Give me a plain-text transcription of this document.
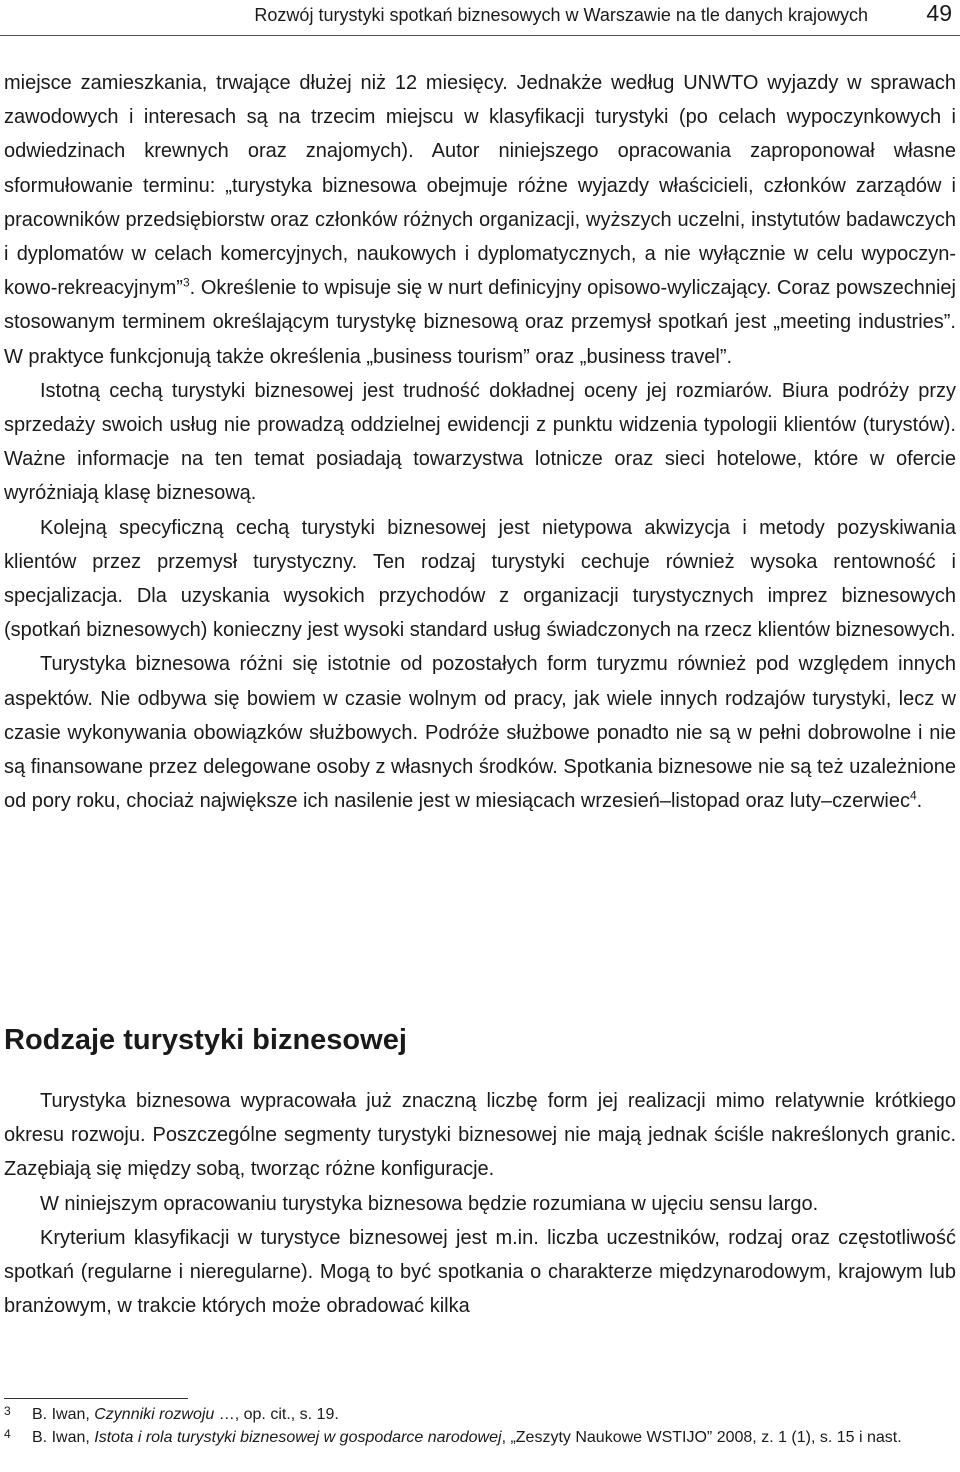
Rozwój turystyki spotkań biznesowych w Warszawie na tle danych krajowych	49

miejsce zamieszkania, trwające dłużej niż 12 miesięcy. Jednakże według UNWTO wyjazdy w sprawach zawodowych i interesach są na trzecim miejscu w klasyfikacji turystyki (po celach wypoczynkowych i odwiedzinach krewnych oraz znajomych). Autor niniejszego opracowania zaproponował własne sformułowanie terminu: „turystyka biznesowa obejmuje różne wyjazdy właścicieli, członków zarządów i pracowników przedsiębiorstw oraz członków różnych organizacji, wyższych uczelni, instytutów badawczych i dyplomatów w celach komercyjnych, naukowych i dyplomatycznych, a nie wyłącznie w celu wypoczynkowo-rekreacyjnym”$^3$. Określenie to wpisuje się w nurt definicyjny opisowo-wyliczający. Coraz powszechniej stosowanym terminem określającym turystykę biznesową oraz przemysł spotkań jest „meeting industries”. W praktyce funkcjonują także określenia „business tourism” oraz „business travel”.

Istotną cechą turystyki biznesowej jest trudność dokładnej oceny jej rozmiarów. Biura podróży przy sprzedaży swoich usług nie prowadzą oddzielnej ewidencji z punktu widzenia typologii klientów (turystów). Ważne informacje na ten temat posiadają towarzystwa lotnicze oraz sieci hotelowe, które w ofercie wyróżniają klasę biznesową.

Kolejną specyficzną cechą turystyki biznesowej jest nietypowa akwizycja i metody pozyskiwania klientów przez przemysł turystyczny. Ten rodzaj turystyki cechuje również wysoka rentowność i specjalizacja. Dla uzyskania wysokich przychodów z organizacji turystycznych imprez biznesowych (spotkań biznesowych) konieczny jest wysoki standard usług świadczonych na rzecz klientów biznesowych.

Turystyka biznesowa różni się istotnie od pozostałych form turyzmu również pod względem innych aspektów. Nie odbywa się bowiem w czasie wolnym od pracy, jak wiele innych rodzajów turystyki, lecz w czasie wykonywania obowiązków służbowych. Podróże służbowe ponadto nie są w pełni dobrowolne i nie są finansowane przez delegowane osoby z własnych środków. Spotkania biznesowe nie są też uzależnione od pory roku, chociaż największe ich nasilenie jest w miesiącach wrzesień–listopad oraz luty–czerwiec$^4$.

Rodzaje turystyki biznesowej

Turystyka biznesowa wypracowała już znaczną liczbę form jej realizacji mimo relatywnie krótkiego okresu rozwoju. Poszczególne segmenty turystyki biznesowej nie mają jednak ściśle nakreślonych granic. Zazębiają się między sobą, tworząc różne konfiguracje.

W niniejszym opracowaniu turystyka biznesowa będzie rozumiana w ujęciu sensu largo.

Kryterium klasyfikacji w turystyce biznesowej jest m.in. liczba uczestników, rodzaj oraz częstotliwość spotkań (regularne i nieregularne). Mogą to być spotkania o charakterze międzynarodowym, krajowym lub branżowym, w trakcie których może obradować kilka

3 B. Iwan, Czynniki rozwoju …, op. cit., s. 19.
4 B. Iwan, Istota i rola turystyki biznesowej w gospodarce narodowej, „Zeszyty Naukowe WSTIJO” 2008, z. 1 (1), s. 15 i nast.
